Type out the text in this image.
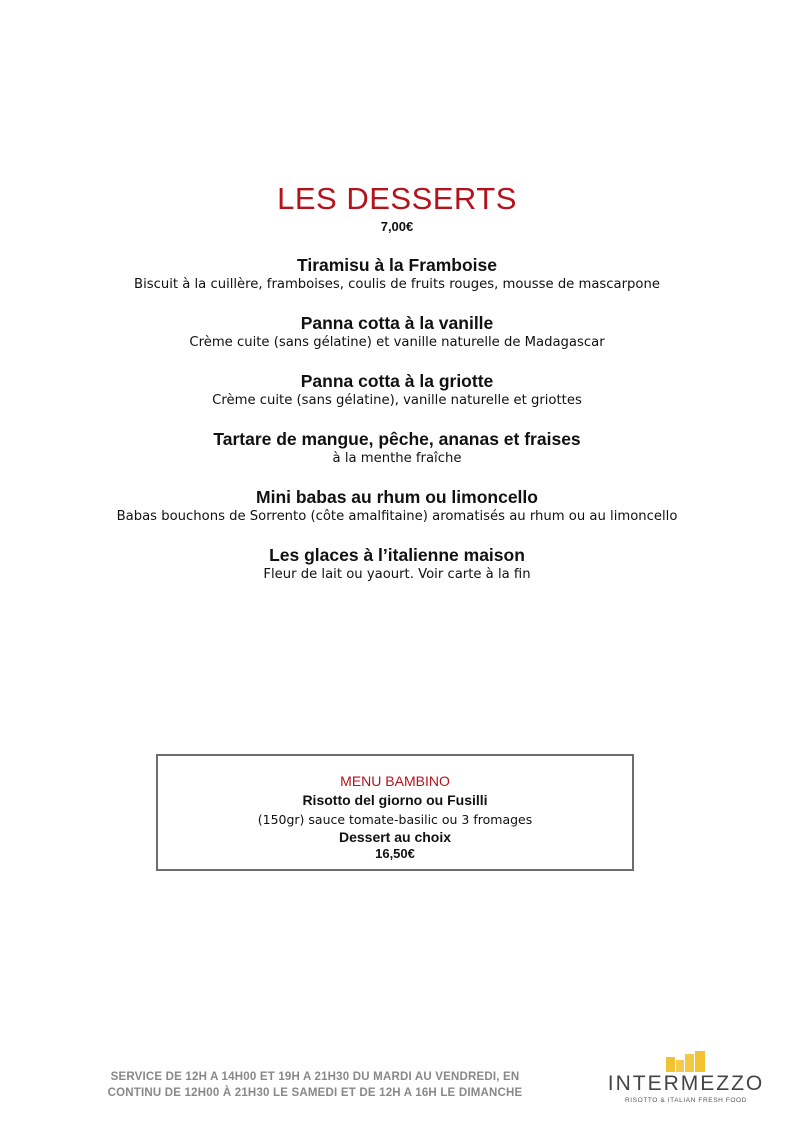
LES DESSERTS
7,00€
Tiramisu à la Framboise
Biscuit à la cuillère, framboises, coulis de fruits rouges, mousse de mascarpone
Panna cotta à la vanille
Crème cuite (sans gélatine) et vanille naturelle de Madagascar
Panna cotta à la griotte
Crème cuite (sans gélatine), vanille naturelle et griottes
Tartare de mangue, pêche, ananas et fraises
à la menthe fraîche
Mini babas au rhum ou limoncello
Babas bouchons de Sorrento (côte amalfitaine) aromatisés au rhum ou au limoncello
Les glaces à l’italienne maison
Fleur de lait ou yaourt. Voir carte à la fin
MENU BAMBINO
Risotto del giorno ou Fusilli
(150gr) sauce tomate-basilic ou 3 fromages
Dessert au choix
16,50€
SERVICE DE 12H A 14H00 ET 19H A 21H30 DU MARDI AU VENDREDI, EN
CONTINU DE 12H00 À 21H30 LE SAMEDI ET DE 12H A 16H LE DIMANCHE	INTERMEZZO
RISOTTO & ITALIAN FRESH FOOD
